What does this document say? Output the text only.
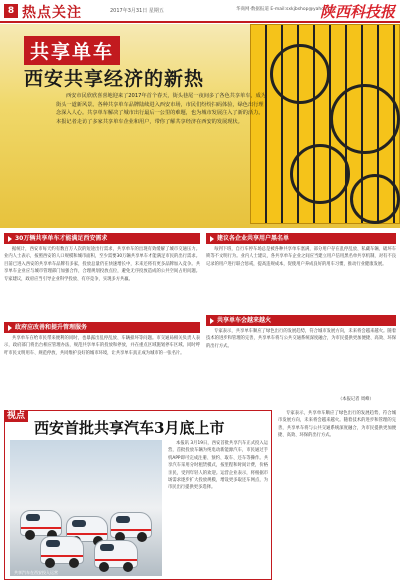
8 热点关注	2017年3月31日 星期五	华商网·数据报道 E-mail:sxkjbshop@yahoo.cn
陕西科技报
共享单车
西安共享经济的新热
西安市民欣欣喜喜地迎来了2017年首个春天，街头巷尾一夜间多了各色共享单车，成为街头一道新风景。各种共享单车品牌陆续进入西安市场，市民们纷纷扫码体验，绿色出行理念深入人心。共享单车解决了城市出行最后一公里的难题，也为城市发展注入了新的活力。本报记者走访了多家共享单车企业和用户，带你了解共享经济在西安的发展现状。
30万辆共享单车才能满足西安需求
据统计，西安市每天约有数百万人次的短途出行需求，共享单车的出现有效缓解了城市交通压力。业内人士表示，按照西安的人口规模和城市面积，至少需要30万辆共享单车才能满足市民的出行需求。目前已进入西安的共享单车品牌有多家，投放总量仍在快速增长中，未来还将有更多品牌加入竞争。共享单车企业应与城市管理部门加强合作，合理规划投放点位，避免无序投放造成的公共空间占用问题。专家建议，政府应当引导企业科学投放、有序竞争，实现多方共赢。
政府应改善和提升管理服务
共享单车在给市民带来便利的同时，也暴露出乱停乱放、车辆损坏等问题。市交通局相关负责人表示，政府部门将出台相应管理办法，规范共享单车的投放和停放，并在重点区域施划停车区域。同时呼吁市民文明用车、规范停放，共同维护良好的城市环境，让共享单车真正成为城市的一张名片。
建议各企业共享用户黑名单
每到下班，自行车停车场总是被各种共享单车塞满，部分用户存在乱停乱放、私藏车辆、破坏车锁等不文明行为。业内人士建议，各共享单车企业之间应当建立用户信用黑名单共享机制，对有不良记录的用户进行联合惩戒，提高违规成本，促使用户养成良好的用车习惯，推动行业健康发展。
共享单车会越来越火
专家表示，共享单车顺应了绿色出行的发展趋势，符合城市发展方向，未来将会越来越火。随着技术的进步和管理的完善，共享单车将与公共交通系统深度融合，为市民提供更加便捷、高效、环保的出行方式。
（本报记者 周峰）
视点
西安首批共享汽车3月底上市
共享汽车在西安投入运营
本报讯 3月19日，西安首批共享汽车正式投入运营，首批投放车辆为纯电动新能源汽车，市民通过手机APP即可完成注册、预约、取车、还车等操作。共享汽车采用分时租赁模式，按里程和时间计费，价格亲民，受到年轻人的欢迎。运营企业表示，将根据市场需求逐步扩大投放规模，增设更多取还车网点，为市民出行提供更多选择。
专家表示，共享单车顺应了绿色出行的发展趋势，符合城市发展方向，未来将会越来越火。随着技术的进步和管理的完善，共享单车将与公共交通系统深度融合，为市民提供更加便捷、高效、环保的出行方式。
